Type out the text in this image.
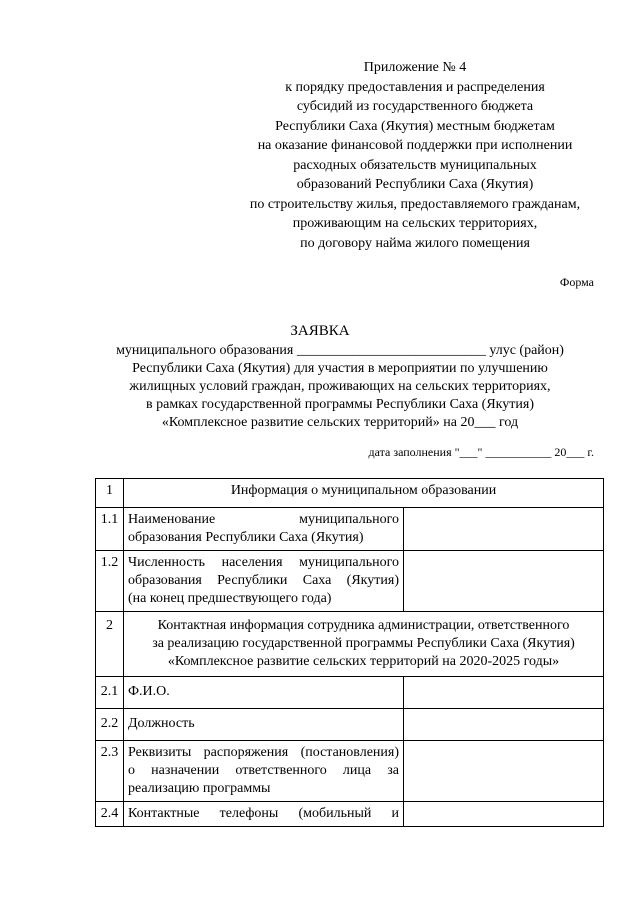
Приложение № 4
к порядку предоставления и распределения
субсидий из государственного бюджета
Республики Саха (Якутия) местным бюджетам
на оказание финансовой поддержки при исполнении
расходных обязательств муниципальных
образований Республики Саха (Якутия)
по строительству жилья, предоставляемого гражданам,
проживающим на сельских территориях,
по договору найма жилого помещения
Форма
ЗАЯВКА
муниципального образования ___________________________ улус (район)
Республики Саха (Якутия) для участия в мероприятии по улучшению
жилищных условий граждан, проживающих на сельских территориях,
в рамках государственной программы Республики Саха (Якутия)
«Комплексное развитие сельских территорий» на 20___ год
дата заполнения "___" ___________ 20___ г.
1	Информация о муниципальном образовании	
1.1	Наименование муниципального
образования Республики Саха (Якутия)	

1.2	Численность населения муниципального
образования Республики Саха (Якутия)
(на конец предшествующего года)	

2	Контактная информация сотрудника администрации, ответственного
за реализацию государственной программы Республики Саха (Якутия)
«Комплексное развитие сельских территорий на 2020-2025 годы»	

2.1	Ф.И.О.	
2.2	Должность	
2.3	Реквизиты распоряжения (постановления)
о назначении ответственного лица за
реализацию программы	

2.4	Контактные телефоны (мобильный и	
